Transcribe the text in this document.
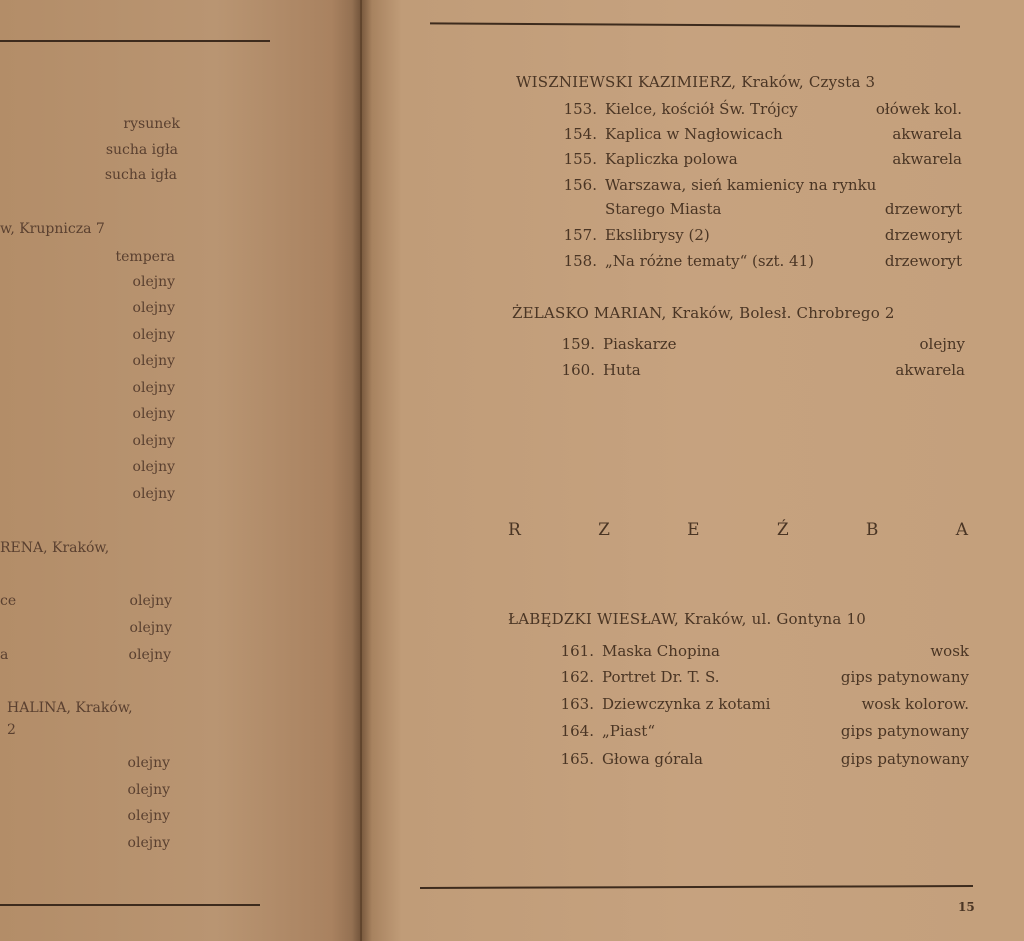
rysunek
sucha igła
sucha igła
w, Krupnicza 7
tempera
olejny
olejny
olejny
olejny
olejny
olejny
olejny
olejny
olejny
RENA, Kraków,
ce	olejny
olejny
a	olejny
HALINA, Kraków,
2
olejny
olejny
olejny
olejny
WISZNIEWSKI KAZIMIERZ, Kraków, Czysta 3
153. Kielce, kościół Św. Trójcy	ołówek kol.
154. Kaplica w Nagłowicach	akwarela
155. Kapliczka polowa	akwarela
156. Warszawa, sień kamienicy na rynku
Starego Miasta	drzeworyt
157. Ekslibrysy (2)	drzeworyt
158. „Na różne tematy“ (szt. 41)	drzeworyt
ŻELASKO MARIAN, Kraków, Bolesł. Chrobrego 2
159. Piaskarze	olejny
160. Huta	akwarela
ŁABĘDZKI WIESŁAW, Kraków, ul. Gontyna 10
161. Maska Chopina	wosk
162. Portret Dr. T. S.	gips patynowany
163. Dziewczynka z kotami	wosk kolorow.
164. „Piast“	gips patynowany
165. Głowa górala	gips patynowany
R	Z	E	Ź	B	A
15
